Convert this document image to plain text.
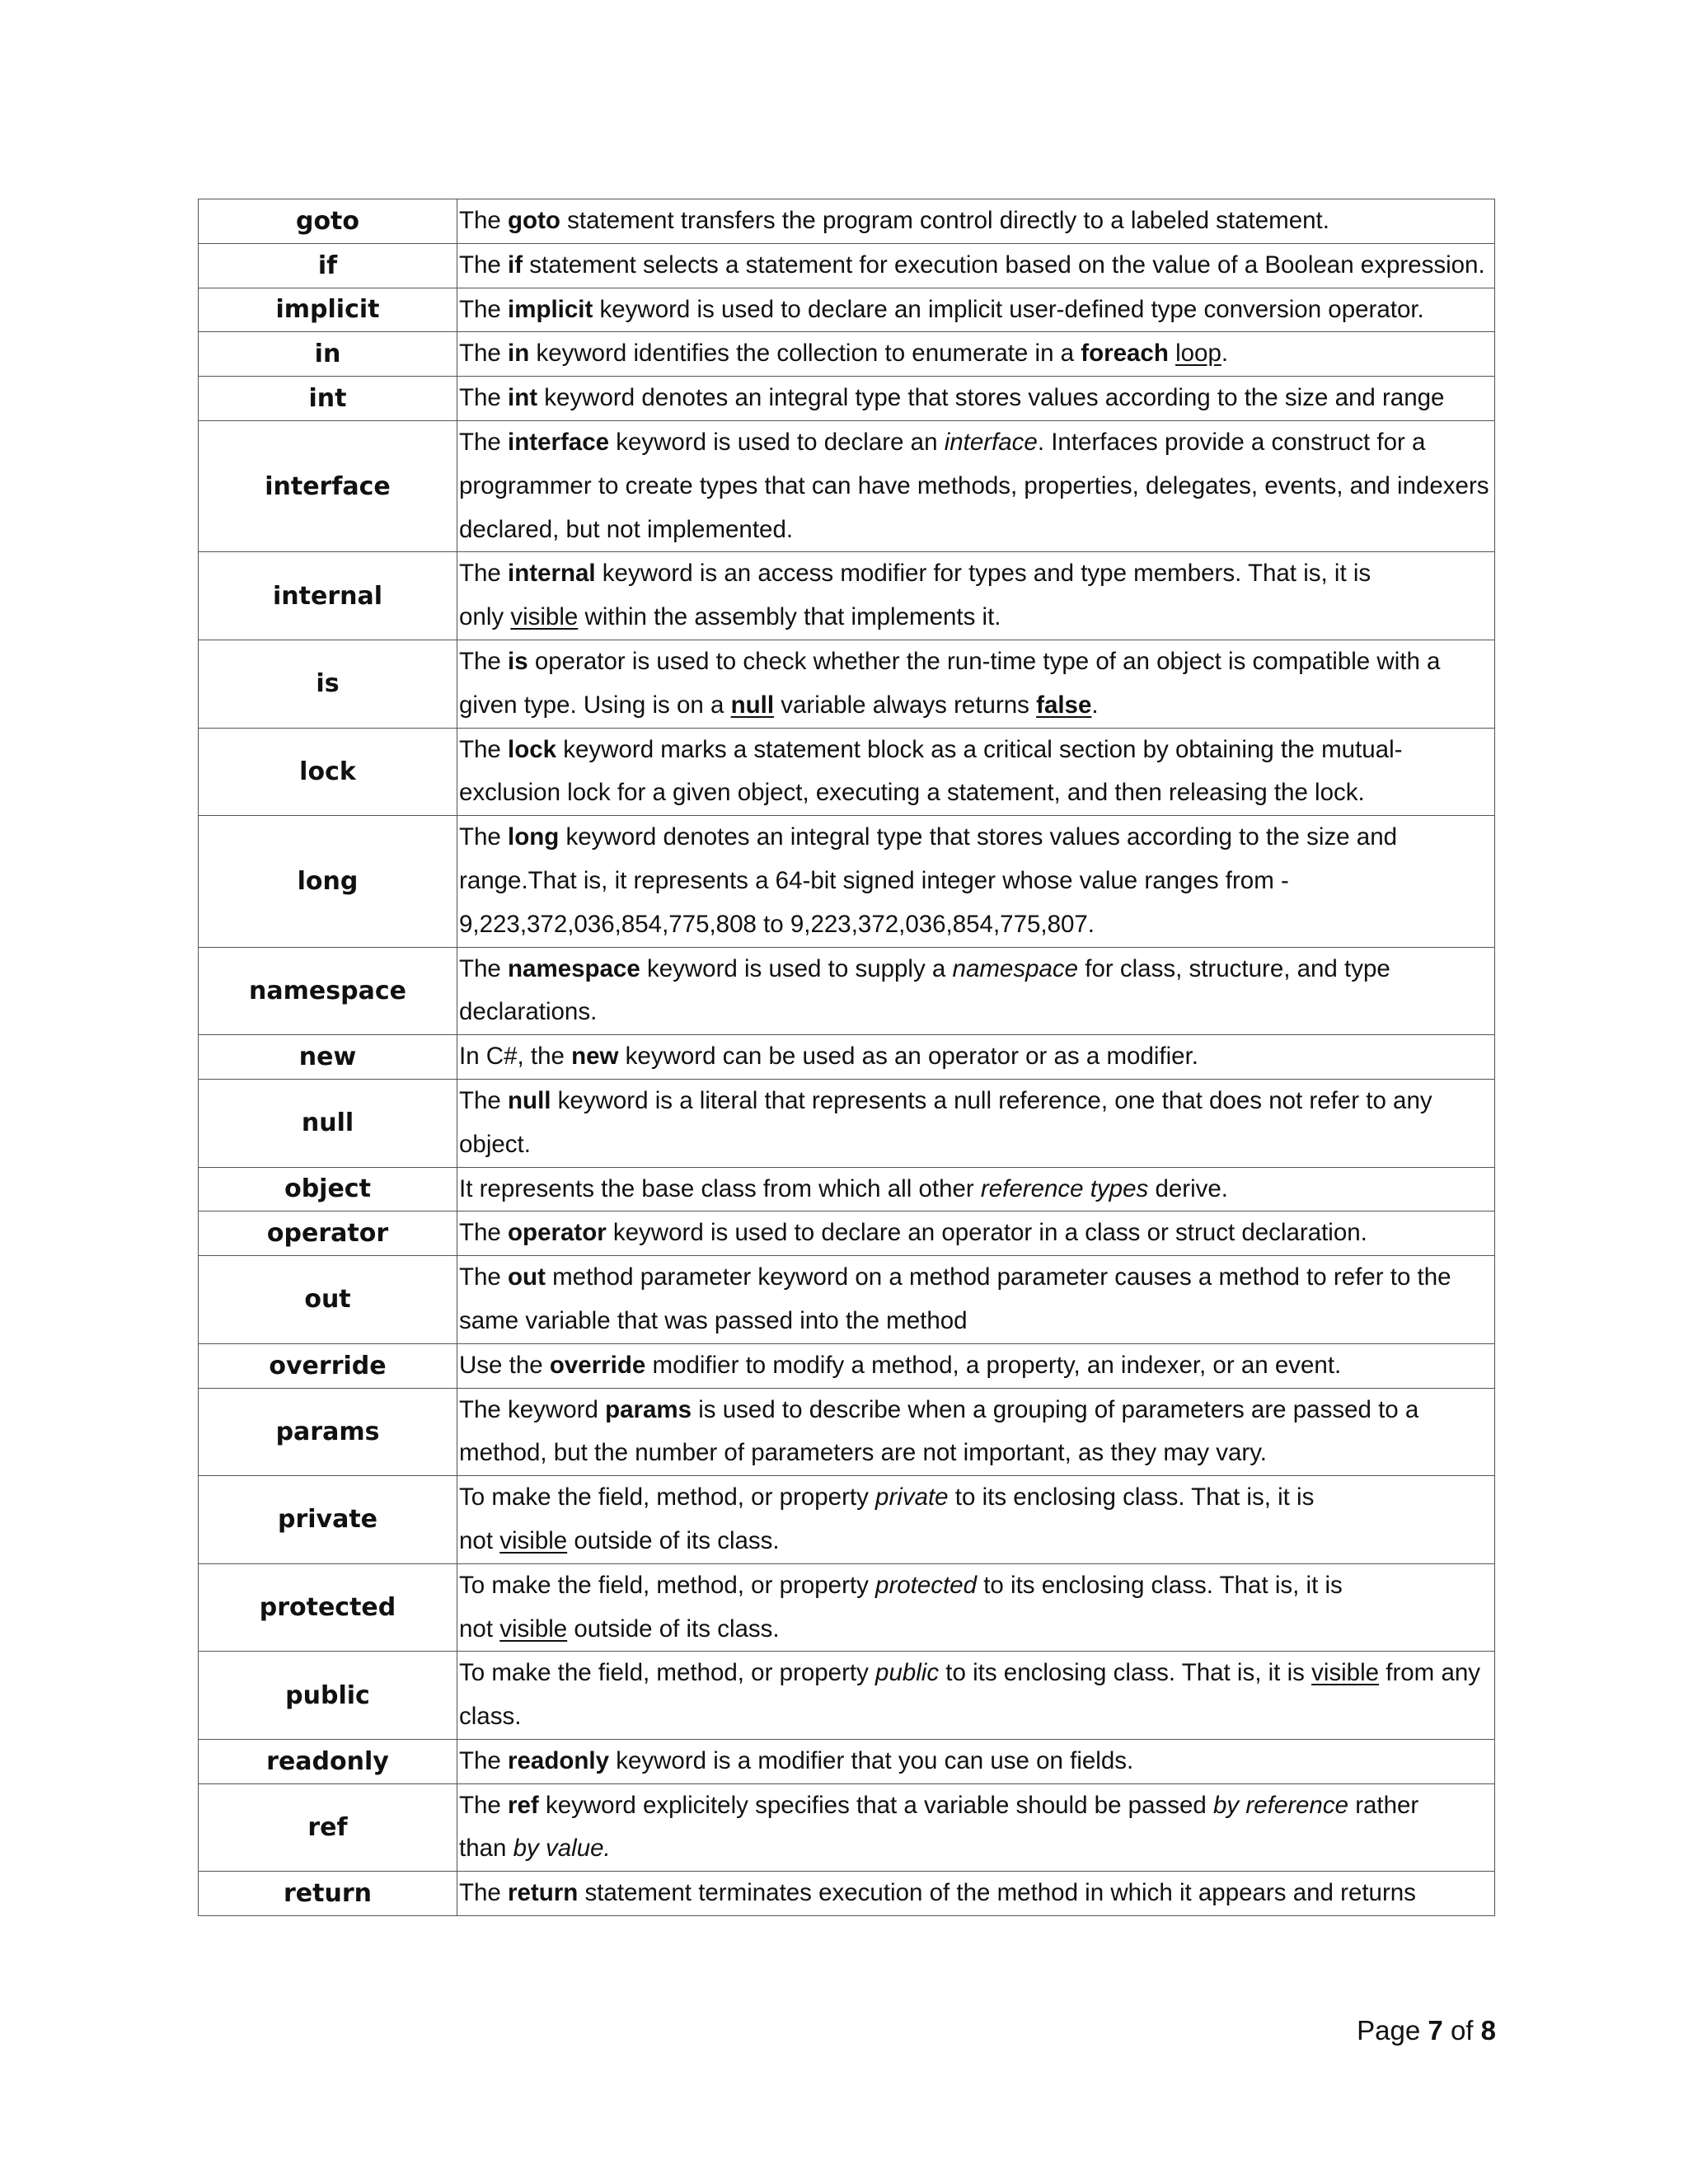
goto	The goto statement transfers the program control directly to a labeled statement.
if	The if statement selects a statement for execution based on the value of a Boolean expression.
implicit	The implicit keyword is used to declare an implicit user-defined type conversion operator.
in	The in keyword identifies the collection to enumerate in a foreach loop.
int	The int keyword denotes an integral type that stores values according to the size and range
interface	The interface keyword is used to declare an interface. Interfaces provide a construct for a programmer to create types that can have methods, properties, delegates, events, and indexers declared, but not implemented.
internal	The internal keyword is an access modifier for types and type members. That is, it is
only visible within the assembly that implements it.
is	The is operator is used to check whether the run-time type of an object is compatible with a given type. Using is on a null variable always returns false.
lock	The lock keyword marks a statement block as a critical section by obtaining the mutual-
exclusion lock for a given object, executing a statement, and then releasing the lock.
long	The long keyword denotes an integral type that stores values according to the size and
range.That is, it represents a 64-bit signed integer whose value ranges from -
9,223,372,036,854,775,808 to 9,223,372,036,854,775,807.
namespace	The namespace keyword is used to supply a namespace for class, structure, and type declarations.
new	In C#, the new keyword can be used as an operator or as a modifier.
null	The null keyword is a literal that represents a null reference, one that does not refer to any object.
object	It represents the base class from which all other reference types derive.
operator	The operator keyword is used to declare an operator in a class or struct declaration.
out	The out method parameter keyword on a method parameter causes a method to refer to the same variable that was passed into the method
override	Use the override modifier to modify a method, a property, an indexer, or an event.
params	The keyword params is used to describe when a grouping of parameters are passed to a method, but the number of parameters are not important, as they may vary.
private	To make the field, method, or property private to its enclosing class. That is, it is
not visible outside of its class.
protected	To make the field, method, or property protected to its enclosing class. That is, it is
not visible outside of its class.
public	To make the field, method, or property public to its enclosing class. That is, it is visible from any class.
readonly	The readonly keyword is a modifier that you can use on fields.
ref	The ref keyword explicitely specifies that a variable should be passed by reference rather
than by value.
return	The return statement terminates execution of the method in which it appears and returns
Page 7 of 8
